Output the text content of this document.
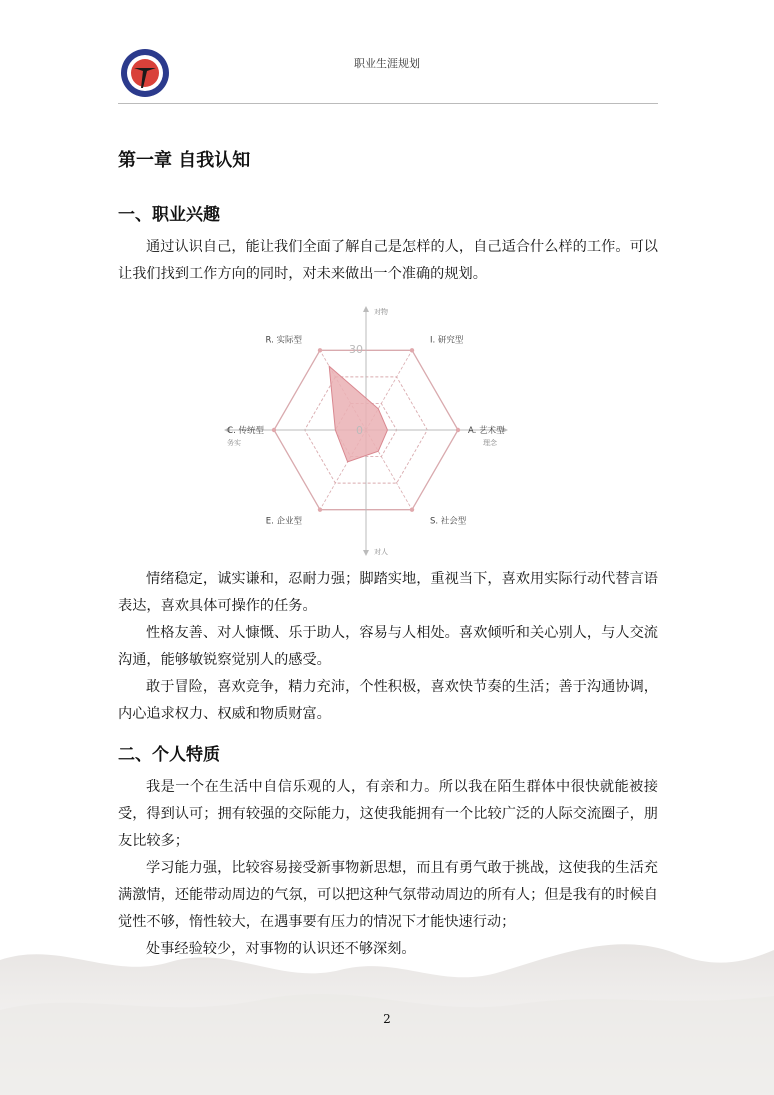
职业生涯规划
第一章 自我认知
一、职业兴趣

通过认识自己，能让我们全面了解自己是怎样的人，自己适合什么样的工作。可以让我们找到工作方向的同时，对未来做出一个准确的规划。

R. 实际型	I. 研究型
A. 艺术型
S. 社会型
E. 企业型
C. 传统型
对物
对人
务实	理念
30
0

情绪稳定，诚实谦和，忍耐力强；脚踏实地，重视当下，喜欢用实际行动代替言语表达，喜欢具体可操作的任务。

性格友善、对人慷慨、乐于助人，容易与人相处。喜欢倾听和关心别人，与人交流沟通，能够敏锐察觉别人的感受。

敢于冒险，喜欢竞争，精力充沛，个性积极，喜欢快节奏的生活；善于沟通协调，内心追求权力、权威和物质财富。

二、个人特质

我是一个在生活中自信乐观的人，有亲和力。所以我在陌生群体中很快就能被接受，得到认可；拥有较强的交际能力，这使我能拥有一个比较广泛的人际交流圈子，朋友比较多；

学习能力强，比较容易接受新事物新思想，而且有勇气敢于挑战，这使我的生活充满激情，还能带动周边的气氛，可以把这种气氛带动周边的所有人；但是我有的时候自觉性不够，惰性较大，在遇事要有压力的情况下才能快速行动；

处事经验较少，对事物的认识还不够深刻。

2
